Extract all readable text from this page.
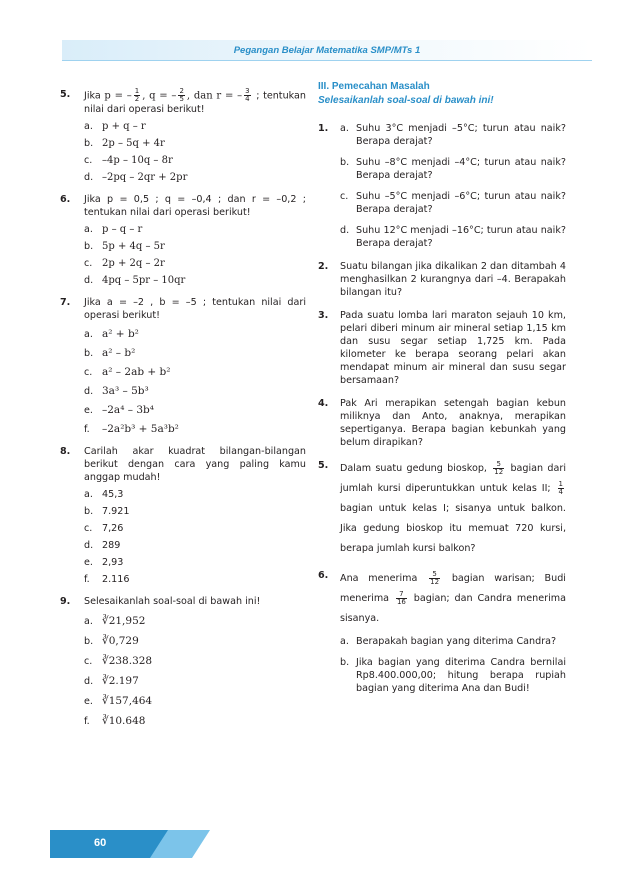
Pegangan Belajar Matematika SMP/MTs 1
5. Jika p = – $\frac{1}{2}$ , q = – $\frac{2}{5}$ , dan r = – $\frac{3}{4}$ ; tentukan nilai dari operasi berikut!
a. p + q – r
b. 2p – 5q + 4r
c. –4p – 10q – 8r
d. –2pq – 2qr + 2pr
6. Jika p = 0,5 ; q = –0,4 ; dan r = –0,2 ; tentukan nilai dari operasi berikut!
a. p – q – r
b. 5p + 4q – 5r
c. 2p + 2q – 2r
d. 4pq – 5pr – 10qr
7. Jika a = –2 , b = –5 ; tentukan nilai dari operasi berikut!
a. a² + b²
b. a² – b²
c. a² – 2ab + b²
d. 3a³ – 5b³
e. –2a⁴ – 3b⁴
f. –2a²b³ + 5a³b²
8. Carilah akar kuadrat bilangan-bilangan berikut dengan cara yang paling kamu anggap mudah!
a. 45,3
b. 7.921
c. 7,26
d. 289
e. 2,93
f. 2.116
9. Selesaikanlah soal-soal di bawah ini!
a. ∛21,952
b. ∛0,729
c. ∛238.328
d. ∛2.197
e. ∛157,464
f. ∛10.648
III. Pemecahan Masalah
Selesaikanlah soal-soal di bawah ini!
1. a. Suhu 3°C menjadi –5°C; turun atau naik? Berapa derajat?
b. Suhu –8°C menjadi –4°C; turun atau naik? Berapa derajat?
c. Suhu –5°C menjadi –6°C; turun atau naik? Berapa derajat?
d. Suhu 12°C menjadi –16°C; turun atau naik? Berapa derajat?
2. Suatu bilangan jika dikalikan 2 dan ditambah 4 menghasilkan 2 kurangnya dari –4. Berapakah bilangan itu?
3. Pada suatu lomba lari maraton sejauh 10 km, pelari diberi minum air mineral setiap 1,15 km dan susu segar setiap 1,725 km. Pada kilometer ke berapa seorang pelari akan mendapat minum air mineral dan susu segar bersamaan?
4. Pak Ari merapikan setengah bagian kebun miliknya dan Anto, anaknya, merapikan sepertiganya. Berapa bagian kebunkah yang belum dirapikan?
5. Dalam suatu gedung bioskop, $\frac{5}{12}$ bagian dari jumlah kursi diperuntukkan untuk kelas II; $\frac{1}{4}$
bagian untuk kelas I; sisanya untuk balkon. Jika gedung bioskop itu memuat 720 kursi, berapa jumlah kursi balkon?
6. Ana menerima $\frac{5}{12}$ bagian warisan; Budi menerima $\frac{7}{16}$ bagian; dan Candra menerima sisanya.
a. Berapakah bagian yang diterima Candra?
b. Jika bagian yang diterima Candra bernilai Rp8.400.000,00; hitung berapa rupiah bagian yang diterima Ana dan Budi!
60
